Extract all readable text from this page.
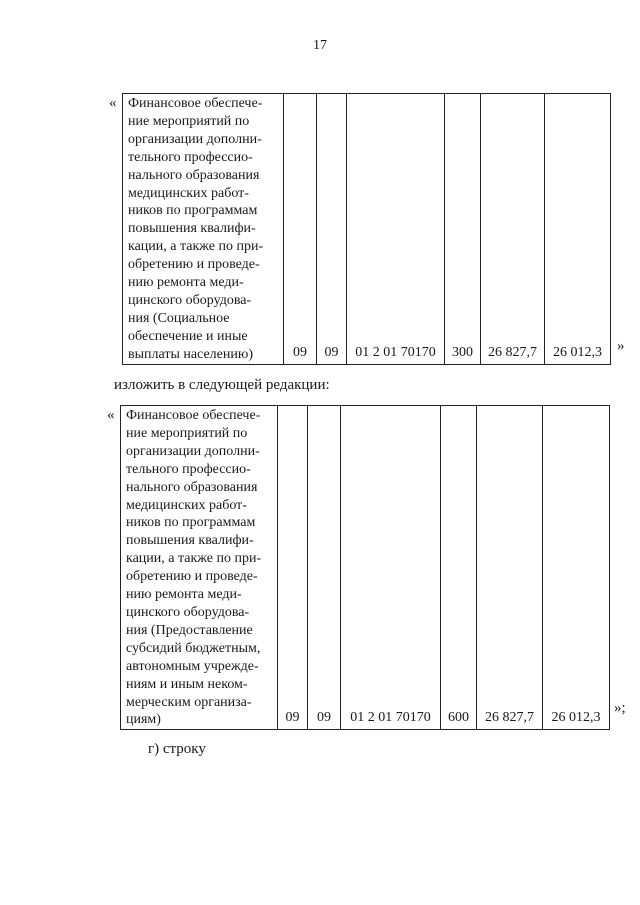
17
« Финансовое обеспече-
ние мероприятий по
организации дополни-
тельного профессио-
нального образования
медицинских работ-
ников по программам
повышения квалифи-
кации, а также по при-
обретению и проведе-
нию ремонта меди-
цинского оборудова-
ния (Социальное
обеспечение и иные
выплаты населению)	09	09	01 2 01 70170	300	26 827,7	26 012,3 »
изложить в следующей редакции:
« Финансовое обеспече-
ние мероприятий по
организации дополни-
тельного профессио-
нального образования
медицинских работ-
ников по программам
повышения квалифи-
кации, а также по при-
обретению и проведе-
нию ремонта меди-
цинского оборудова-
ния (Предоставление
субсидий бюджетным,
автономным учрежде-
ниям и иным неком-
мерческим организа-
циям)	09	09	01 2 01 70170	600	26 827,7	26 012,3
»;
г) строку
